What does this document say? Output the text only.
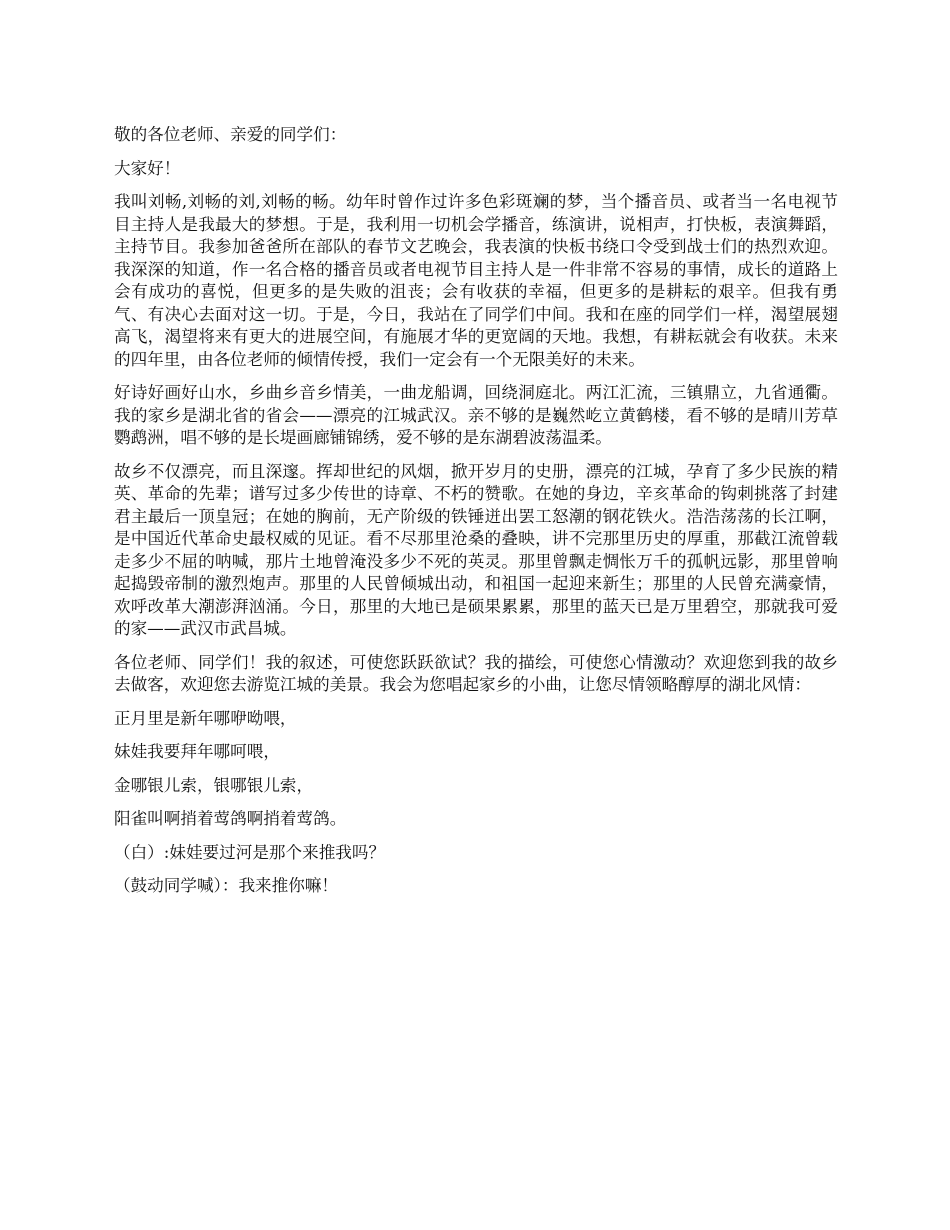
敬的各位老师、亲爱的同学们：

大家好！

我叫刘畅,刘畅的刘,刘畅的畅。幼年时曾作过许多色彩斑斓的梦，当个播音员、或者当一名电视节目主持人是我最大的梦想。于是，我利用一切机会学播音，练演讲，说相声，打快板，表演舞蹈，主持节目。我参加爸爸所在部队的春节文艺晚会，我表演的快板书绕口令受到战士们的热烈欢迎。我深深的知道，作一名合格的播音员或者电视节目主持人是一件非常不容易的事情，成长的道路上会有成功的喜悦，但更多的是失败的沮丧；会有收获的幸福，但更多的是耕耘的艰辛。但我有勇气、有决心去面对这一切。于是，今日，我站在了同学们中间。我和在座的同学们一样，渴望展翅高飞，渴望将来有更大的进展空间，有施展才华的更宽阔的天地。我想，有耕耘就会有收获。未来的四年里，由各位老师的倾情传授，我们一定会有一个无限美好的未来。

好诗好画好山水，乡曲乡音乡情美，一曲龙船调，回绕洞庭北。两江汇流，三镇鼎立，九省通衢。我的家乡是湖北省的省会——漂亮的江城武汉。亲不够的是巍然屹立黄鹤楼，看不够的是晴川芳草鹦鹉洲，唱不够的是长堤画廊铺锦绣，爱不够的是东湖碧波荡温柔。

故乡不仅漂亮，而且深邃。挥却世纪的风烟，掀开岁月的史册，漂亮的江城，孕育了多少民族的精英、革命的先辈；谱写过多少传世的诗章、不朽的赞歌。在她的身边，辛亥革命的钩刺挑落了封建君主最后一顶皇冠；在她的胸前，无产阶级的铁锤迸出罢工怒潮的钢花铁火。浩浩荡荡的长江啊，是中国近代革命史最权威的见证。看不尽那里沧桑的叠映，讲不完那里历史的厚重，那截江流曾载走多少不屈的呐喊，那片土地曾淹没多少不死的英灵。那里曾飘走惆怅万千的孤帆远影，那里曾响起捣毁帝制的激烈炮声。那里的人民曾倾城出动，和祖国一起迎来新生；那里的人民曾充满豪情，欢呼改革大潮澎湃汹涌。今日，那里的大地已是硕果累累，那里的蓝天已是万里碧空，那就我可爱的家——武汉市武昌城。

各位老师、同学们！我的叙述，可使您跃跃欲试？我的描绘，可使您心情激动？欢迎您到我的故乡去做客，欢迎您去游览江城的美景。我会为您唱起家乡的小曲，让您尽情领略醇厚的湖北风情：

正月里是新年哪咿呦喂，

妹娃我要拜年哪呵喂，

金哪银儿索，银哪银儿索，

阳雀叫啊捎着莺鸽啊捎着莺鸽。

（白）:妹娃要过河是那个来推我吗？

（鼓动同学喊）：我来推你嘛！
